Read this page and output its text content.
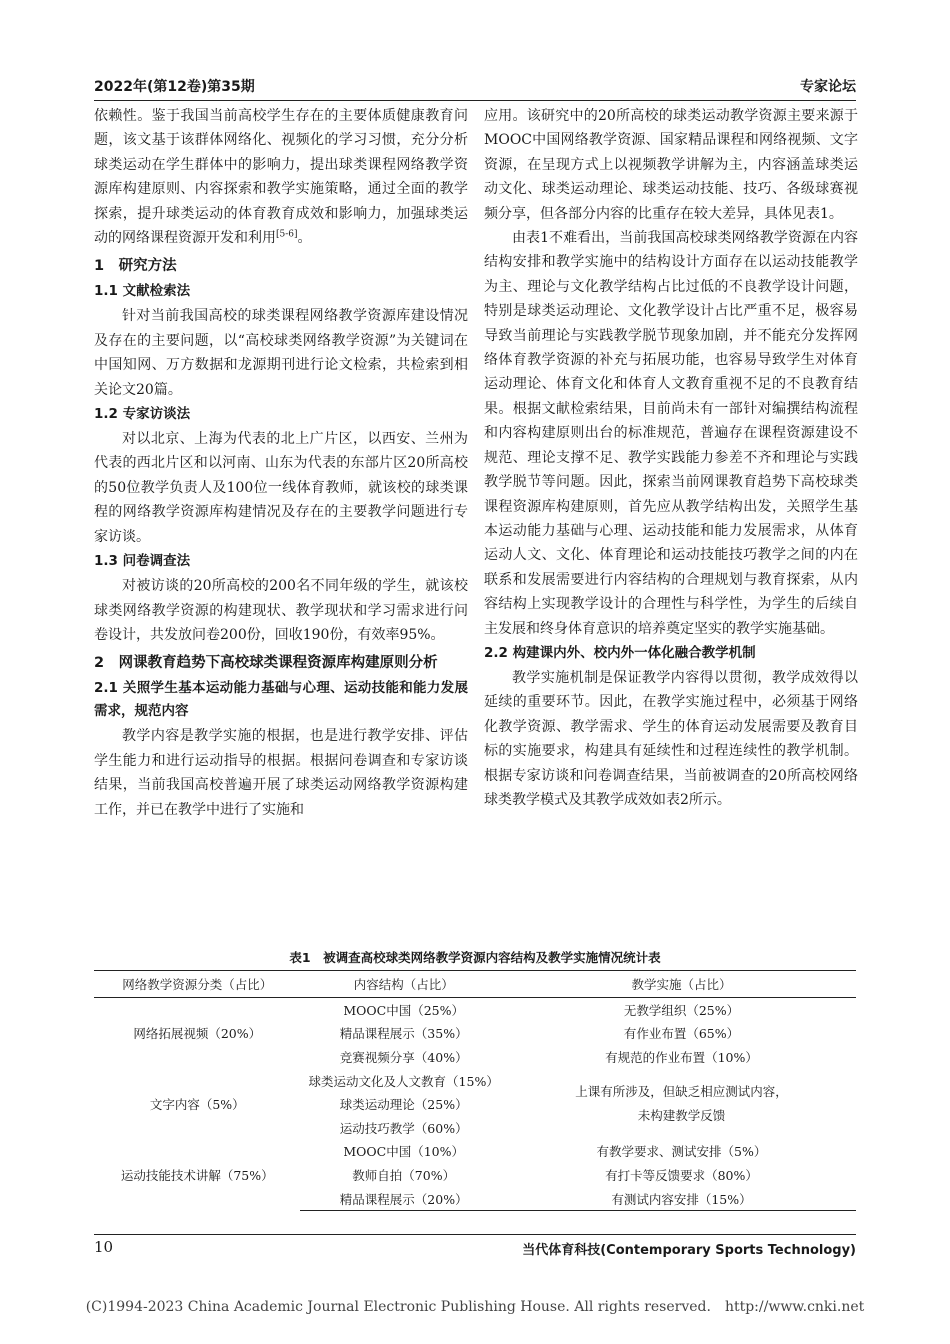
2022年(第12卷)第35期	专家论坛

依赖性。鉴于我国当前高校学生存在的主要体质健康教育问题，该文基于该群体网络化、视频化的学习习惯，充分分析球类运动在学生群体中的影响力，提出球类课程网络教学资源库构建原则、内容探索和教学实施策略，通过全面的教学探索，提升球类运动的体育教育成效和影响力，加强球类运动的网络课程资源开发和利用[5-6]。

1　研究方法
1.1 文献检索法

针对当前我国高校的球类课程网络教学资源库建设情况及存在的主要问题，以“高校球类网络教学资源”为关键词在中国知网、万方数据和龙源期刊进行论文检索，共检索到相关论文20篇。

1.2 专家访谈法

对以北京、上海为代表的北上广片区，以西安、兰州为代表的西北片区和以河南、山东为代表的东部片区20所高校的50位教学负责人及100位一线体育教师，就该校的球类课程的网络教学资源库构建情况及存在的主要教学问题进行专家访谈。

1.3 问卷调查法

对被访谈的20所高校的200名不同年级的学生，就该校球类网络教学资源的构建现状、教学现状和学习需求进行问卷设计，共发放问卷200份，回收190份，有效率95%。

2　网课教育趋势下高校球类课程资源库构建原则分析
2.1 关照学生基本运动能力基础与心理、运动技能和能力发展需求，规范内容

教学内容是教学实施的根据，也是进行教学安排、评估学生能力和进行运动指导的根据。根据问卷调查和专家访谈结果，当前我国高校普遍开展了球类运动网络教学资源构建工作，并已在教学中进行了实施和

应用。该研究中的20所高校的球类运动教学资源主要来源于MOOC中国网络教学资源、国家精品课程和网络视频、文字资源，在呈现方式上以视频教学讲解为主，内容涵盖球类运动文化、球类运动理论、球类运动技能、技巧、各级球赛视频分享，但各部分内容的比重存在较大差异，具体见表1。

由表1不难看出，当前我国高校球类网络教学资源在内容结构安排和教学实施中的结构设计方面存在以运动技能教学为主、理论与文化教学结构占比过低的不良教学设计问题，特别是球类运动理论、文化教学设计占比严重不足，极容易导致当前理论与实践教学脱节现象加剧，并不能充分发挥网络体育教学资源的补充与拓展功能，也容易导致学生对体育运动理论、体育文化和体育人文教育重视不足的不良教育结果。根据文献检索结果，目前尚未有一部针对编撰结构流程和内容构建原则出台的标准规范，普遍存在课程资源建设不规范、理论支撑不足、教学实践能力参差不齐和理论与实践教学脱节等问题。因此，探索当前网课教育趋势下高校球类课程资源库构建原则，首先应从教学结构出发，关照学生基本运动能力基础与心理、运动技能和能力发展需求，从体育运动人文、文化、体育理论和运动技能技巧教学之间的内在联系和发展需要进行内容结构的合理规划与教育探索，从内容结构上实现教学设计的合理性与科学性，为学生的后续自主发展和终身体育意识的培养奠定坚实的教学实施基础。

2.2 构建课内外、校内外一体化融合教学机制

教学实施机制是保证教学内容得以贯彻，教学成效得以延续的重要环节。因此，在教学实施过程中，必须基于网络化教学资源、教学需求、学生的体育运动发展需要及教育目标的实施要求，构建具有延续性和过程连续性的教学机制。根据专家访谈和问卷调查结果，当前被调查的20所高校网络球类教学模式及其教学成效如表2所示。

表1　被调查高校球类网络教学资源内容结构及教学实施情况统计表
网络教学资源分类（占比）	内容结构（占比）	教学实施（占比）
网络拓展视频（20%）	MOOC中国（25%）	无教学组织（25%）
	精品课程展示（35%）	有作业布置（65%）
	竞赛视频分享（40%）	有规范的作业布置（10%）
文字内容（5%）	球类运动文化及人文教育（15%）	上课有所涉及，但缺乏相应测试内容，
未构建教学反馈

	球类运动理论（25%）	
	运动技巧教学（60%）	
运动技能技术讲解（75%）	MOOC中国（10%）	有教学要求、测试安排（5%）
	教师自拍（70%）	有打卡等反馈要求（80%）
	精品课程展示（20%）	有测试内容安排（15%）
10	当代体育科技(Contemporary Sports Technology)
(C)1994-2023 China Academic Journal Electronic Publishing House. All rights reserved.　http://www.cnki.net
